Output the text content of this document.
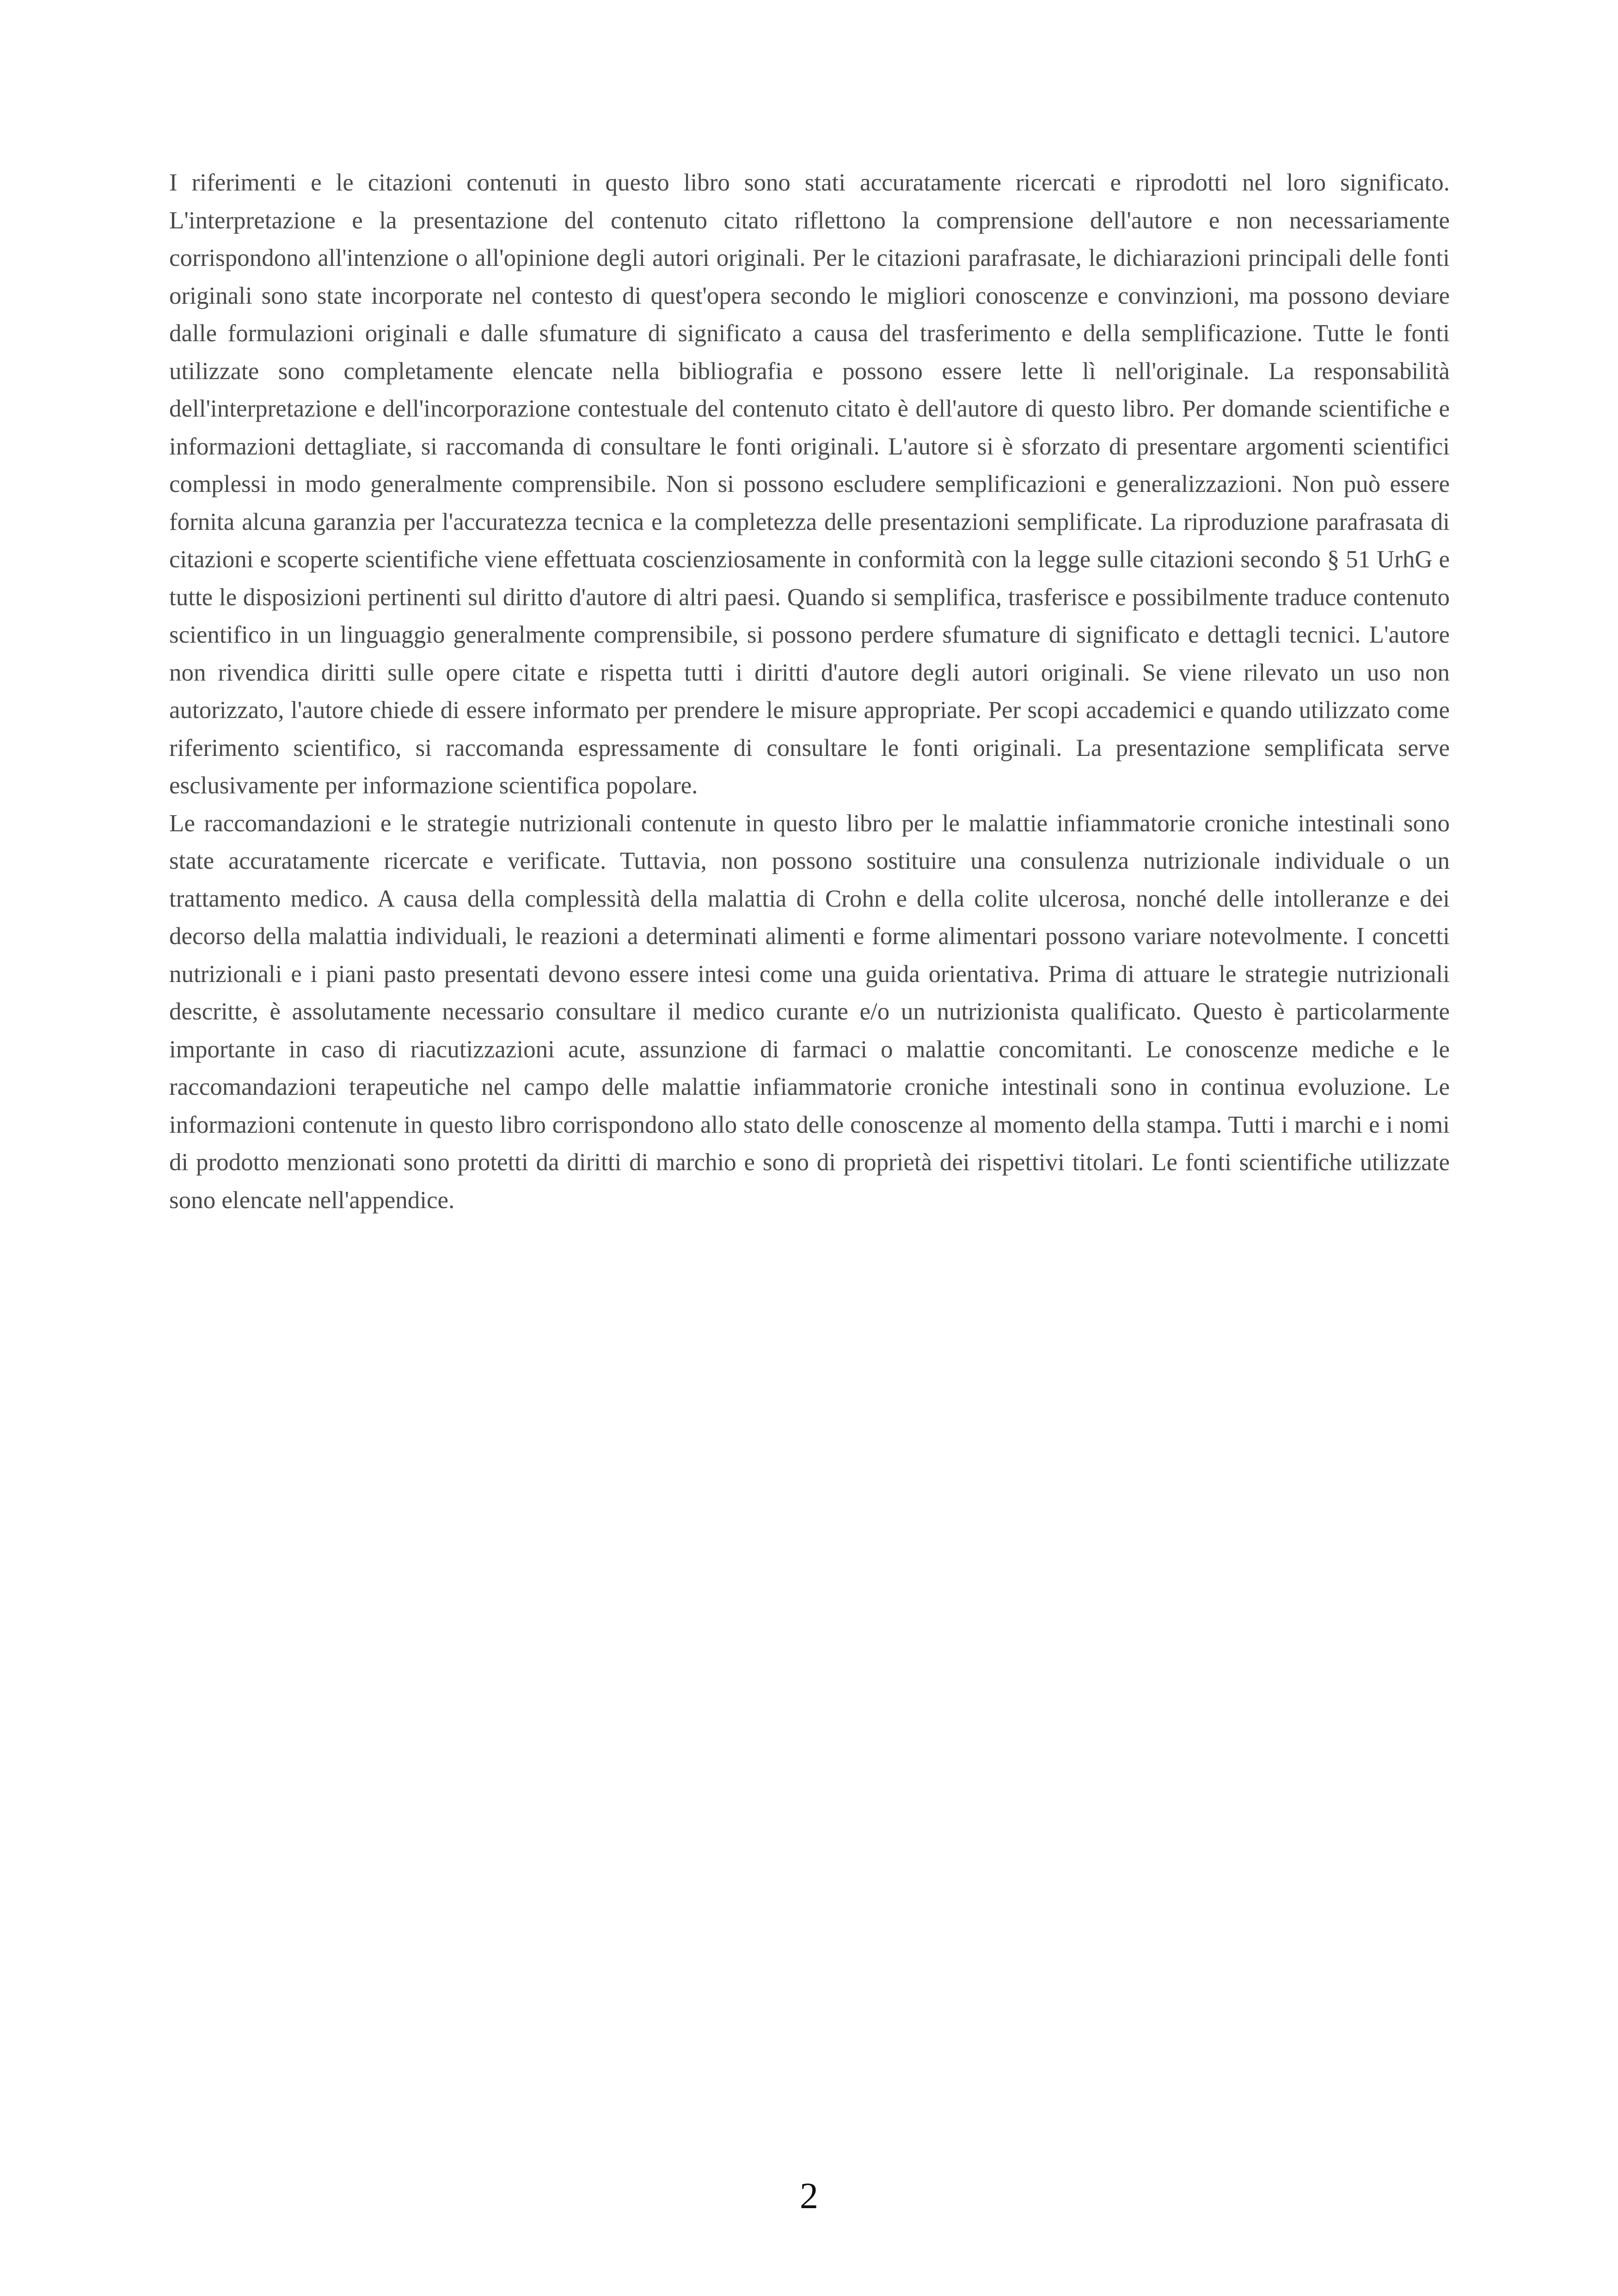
I riferimenti e le citazioni contenuti in questo libro sono stati accuratamente ricercati e riprodotti nel loro significato. L'interpretazione e la presentazione del contenuto citato riflettono la comprensione dell'autore e non necessariamente corrispondono all'intenzione o all'opinione degli autori originali. Per le citazioni parafrasate, le dichiarazioni principali delle fonti originali sono state incorporate nel contesto di quest'opera secondo le migliori conoscenze e convinzioni, ma possono deviare dalle formulazioni originali e dalle sfumature di significato a causa del trasferimento e della semplificazione. Tutte le fonti utilizzate sono completamente elencate nella bibliografia e possono essere lette lì nell'originale. La responsabilità dell'interpretazione e dell'incorporazione contestuale del contenuto citato è dell'autore di questo libro. Per domande scientifiche e informazioni dettagliate, si raccomanda di consultare le fonti originali. L'autore si è sforzato di presentare argomenti scientifici complessi in modo generalmente comprensibile. Non si possono escludere semplificazioni e generalizzazioni. Non può essere fornita alcuna garanzia per l'accuratezza tecnica e la completezza delle presentazioni semplificate. La riproduzione parafrasata di citazioni e scoperte scientifiche viene effettuata coscienziosamente in conformità con la legge sulle citazioni secondo § 51 UrhG e tutte le disposizioni pertinenti sul diritto d'autore di altri paesi. Quando si semplifica, trasferisce e possibilmente traduce contenuto scientifico in un linguaggio generalmente comprensibile, si possono perdere sfumature di significato e dettagli tecnici. L'autore non rivendica diritti sulle opere citate e rispetta tutti i diritti d'autore degli autori originali. Se viene rilevato un uso non autorizzato, l'autore chiede di essere informato per prendere le misure appropriate. Per scopi accademici e quando utilizzato come riferimento scientifico, si raccomanda espressamente di consultare le fonti originali. La presentazione semplificata serve esclusivamente per informazione scientifica popolare.

Le raccomandazioni e le strategie nutrizionali contenute in questo libro per le malattie infiammatorie croniche intestinali sono state accuratamente ricercate e verificate. Tuttavia, non possono sostituire una consulenza nutrizionale individuale o un trattamento medico. A causa della complessità della malattia di Crohn e della colite ulcerosa, nonché delle intolleranze e dei decorso della malattia individuali, le reazioni a determinati alimenti e forme alimentari possono variare notevolmente. I concetti nutrizionali e i piani pasto presentati devono essere intesi come una guida orientativa. Prima di attuare le strategie nutrizionali descritte, è assolutamente necessario consultare il medico curante e/o un nutrizionista qualificato. Questo è particolarmente importante in caso di riacutizzazioni acute, assunzione di farmaci o malattie concomitanti. Le conoscenze mediche e le raccomandazioni terapeutiche nel campo delle malattie infiammatorie croniche intestinali sono in continua evoluzione. Le informazioni contenute in questo libro corrispondono allo stato delle conoscenze al momento della stampa. Tutti i marchi e i nomi di prodotto menzionati sono protetti da diritti di marchio e sono di proprietà dei rispettivi titolari. Le fonti scientifiche utilizzate sono elencate nell'appendice.

2
